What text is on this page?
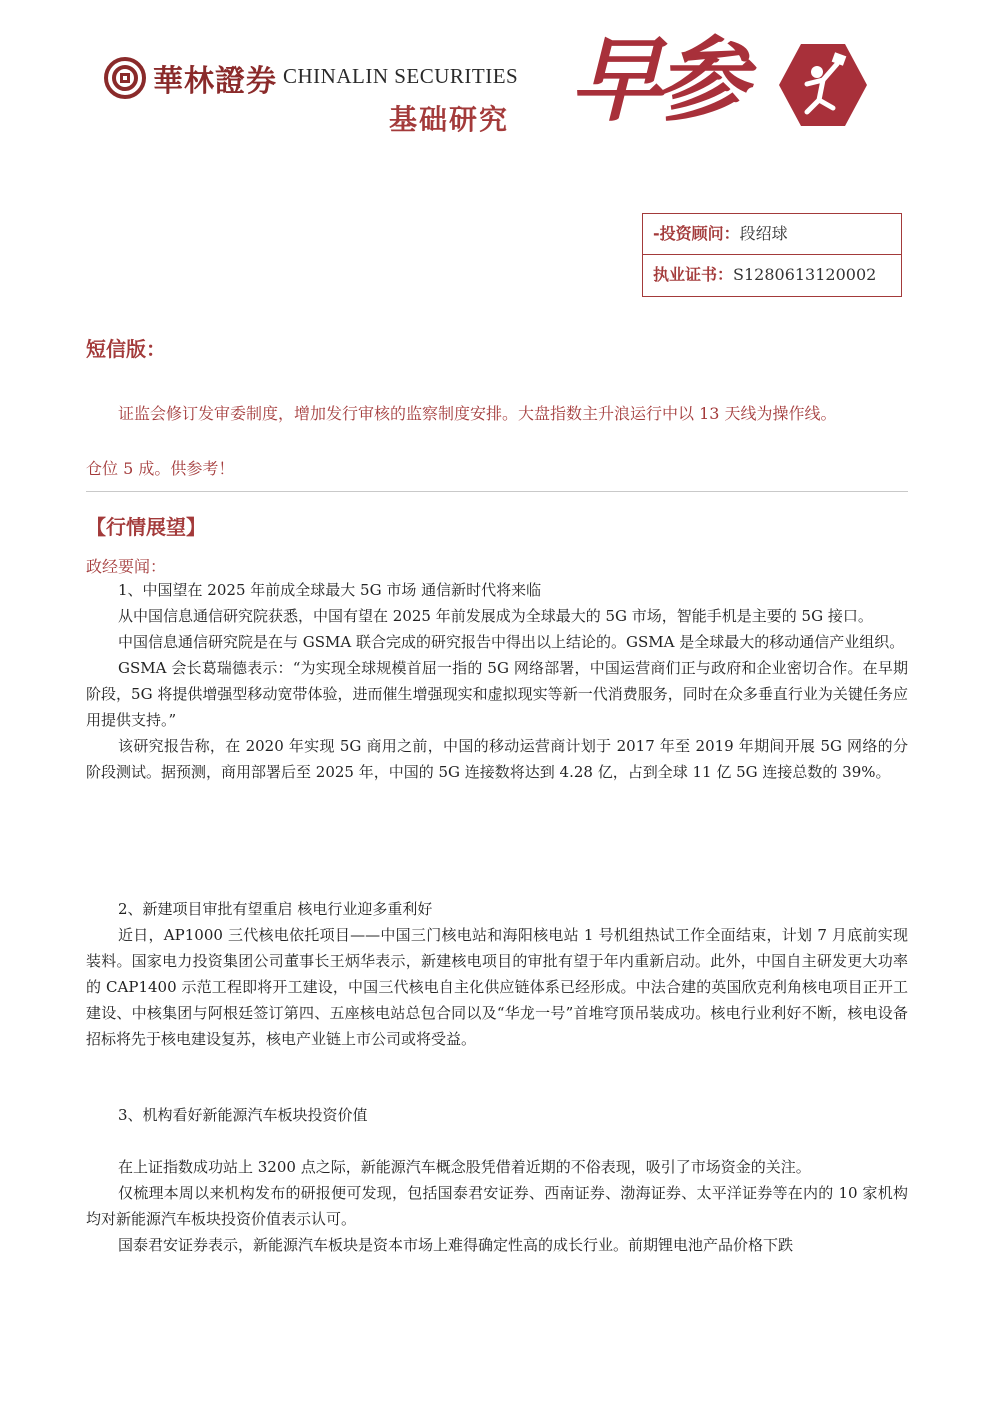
華林證券 CHINALIN SECURITIES
基础研究 早参
-投资顾问：段绍球
执业证书：S1280613120002
短信版：
证监会修订发审委制度，增加发行审核的监察制度安排。大盘指数主升浪运行中以 13 天线为操作线。
仓位 5 成。供参考！
【行情展望】
政经要闻：

1、中国望在 2025 年前成全球最大 5G 市场 通信新时代将来临

从中国信息通信研究院获悉，中国有望在 2025 年前发展成为全球最大的 5G 市场，智能手机是主要的 5G 接口。

中国信息通信研究院是在与 GSMA 联合完成的研究报告中得出以上结论的。GSMA 是全球最大的移动通信产业组织。

GSMA 会长葛瑞德表示：“为实现全球规模首屈一指的 5G 网络部署，中国运营商们正与政府和企业密切合作。在早期阶段，5G 将提供增强型移动宽带体验，进而催生增强现实和虚拟现实等新一代消费服务，同时在众多垂直行业为关键任务应用提供支持。”

该研究报告称，在 2020 年实现 5G 商用之前，中国的移动运营商计划于 2017 年至 2019 年期间开展 5G 网络的分阶段测试。据预测，商用部署后至 2025 年，中国的 5G 连接数将达到 4.28 亿，占到全球 11 亿 5G 连接总数的 39%。

2、新建项目审批有望重启 核电行业迎多重利好

近日，AP1000 三代核电依托项目——中国三门核电站和海阳核电站 1 号机组热试工作全面结束，计划 7 月底前实现装料。国家电力投资集团公司董事长王炳华表示，新建核电项目的审批有望于年内重新启动。此外，中国自主研发更大功率的 CAP1400 示范工程即将开工建设，中国三代核电自主化供应链体系已经形成。中法合建的英国欣克利角核电项目正开工建设、中核集团与阿根廷签订第四、五座核电站总包合同以及“华龙一号”首堆穹顶吊装成功。核电行业利好不断，核电设备招标将先于核电建设复苏，核电产业链上市公司或将受益。

3、机构看好新能源汽车板块投资价值

在上证指数成功站上 3200 点之际，新能源汽车概念股凭借着近期的不俗表现，吸引了市场资金的关注。

仅梳理本周以来机构发布的研报便可发现，包括国泰君安证券、西南证券、渤海证券、太平洋证券等在内的 10 家机构均对新能源汽车板块投资价值表示认可。

国泰君安证券表示，新能源汽车板块是资本市场上难得确定性高的成长行业。前期锂电池产品价格下跌
